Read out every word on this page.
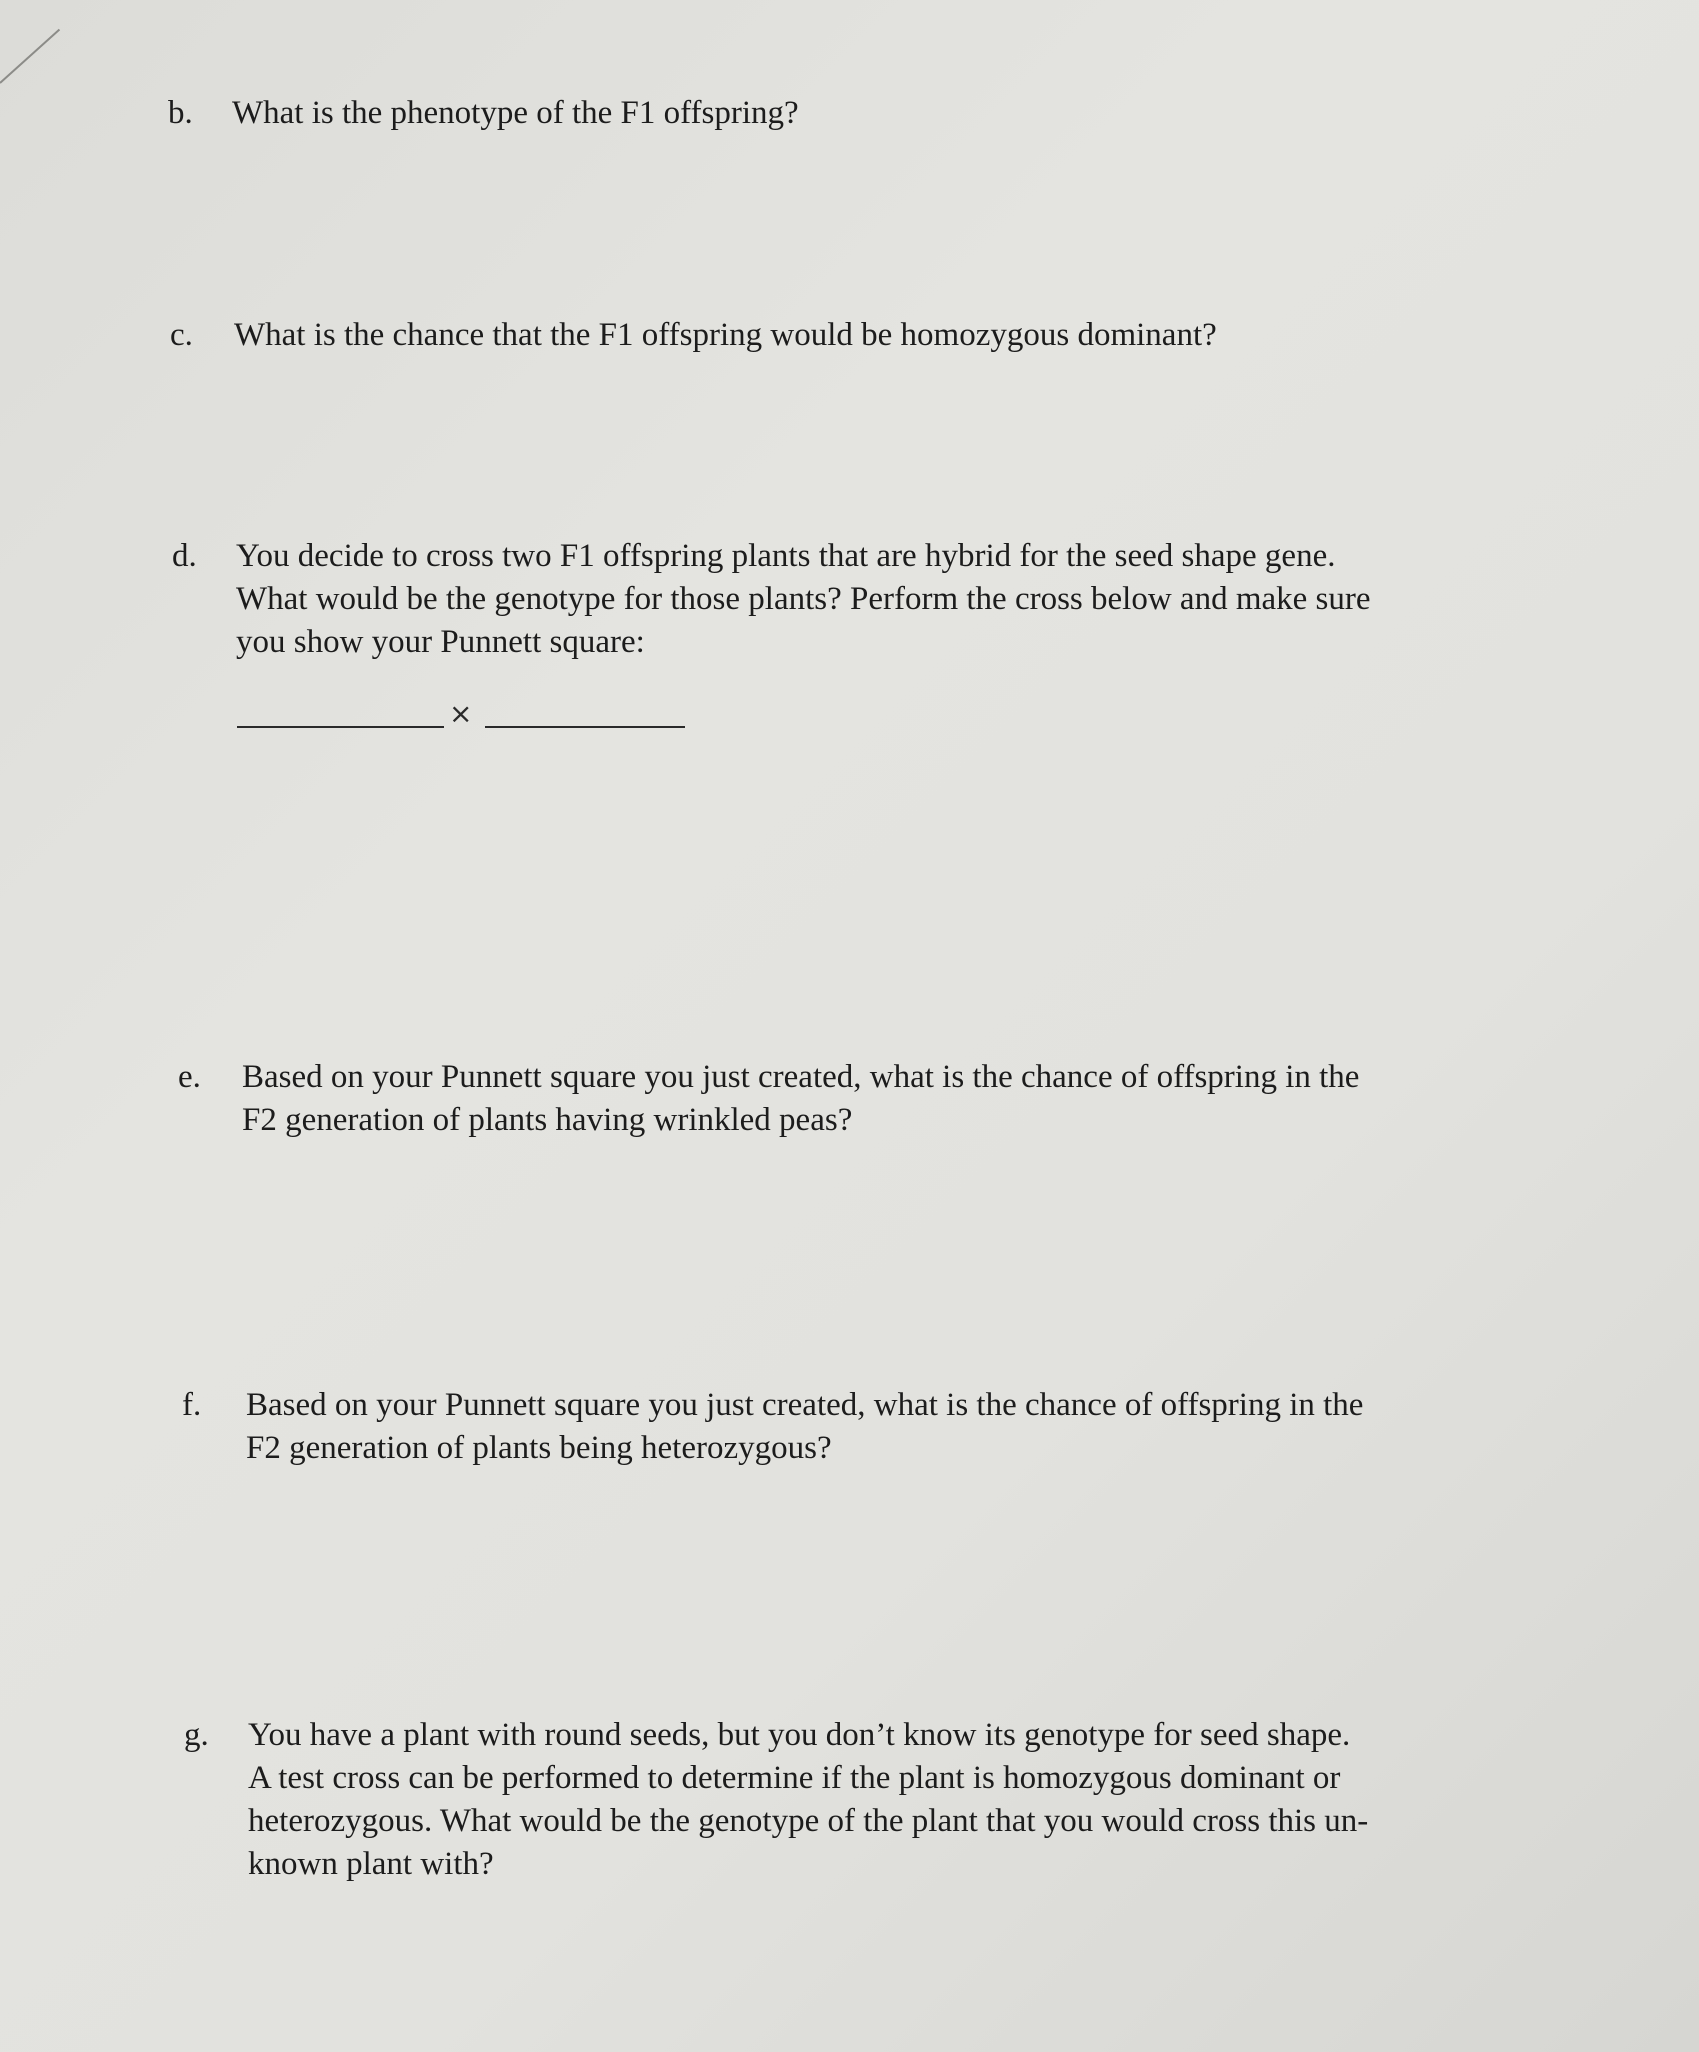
b. What is the phenotype of the F1 offspring?
c. What is the chance that the F1 offspring would be homozygous dominant?
d. You decide to cross two F1 offspring plants that are hybrid for the seed shape gene.
What would be the genotype for those plants? Perform the cross below and make sure
you show your Punnett square:
×
e. Based on your Punnett square you just created, what is the chance of offspring in the
F2 generation of plants having wrinkled peas?
f. Based on your Punnett square you just created, what is the chance of offspring in the
F2 generation of plants being heterozygous?
g. You have a plant with round seeds, but you don’t know its genotype for seed shape.
A test cross can be performed to determine if the plant is homozygous dominant or
heterozygous. What would be the genotype of the plant that you would cross this un-
known plant with?
